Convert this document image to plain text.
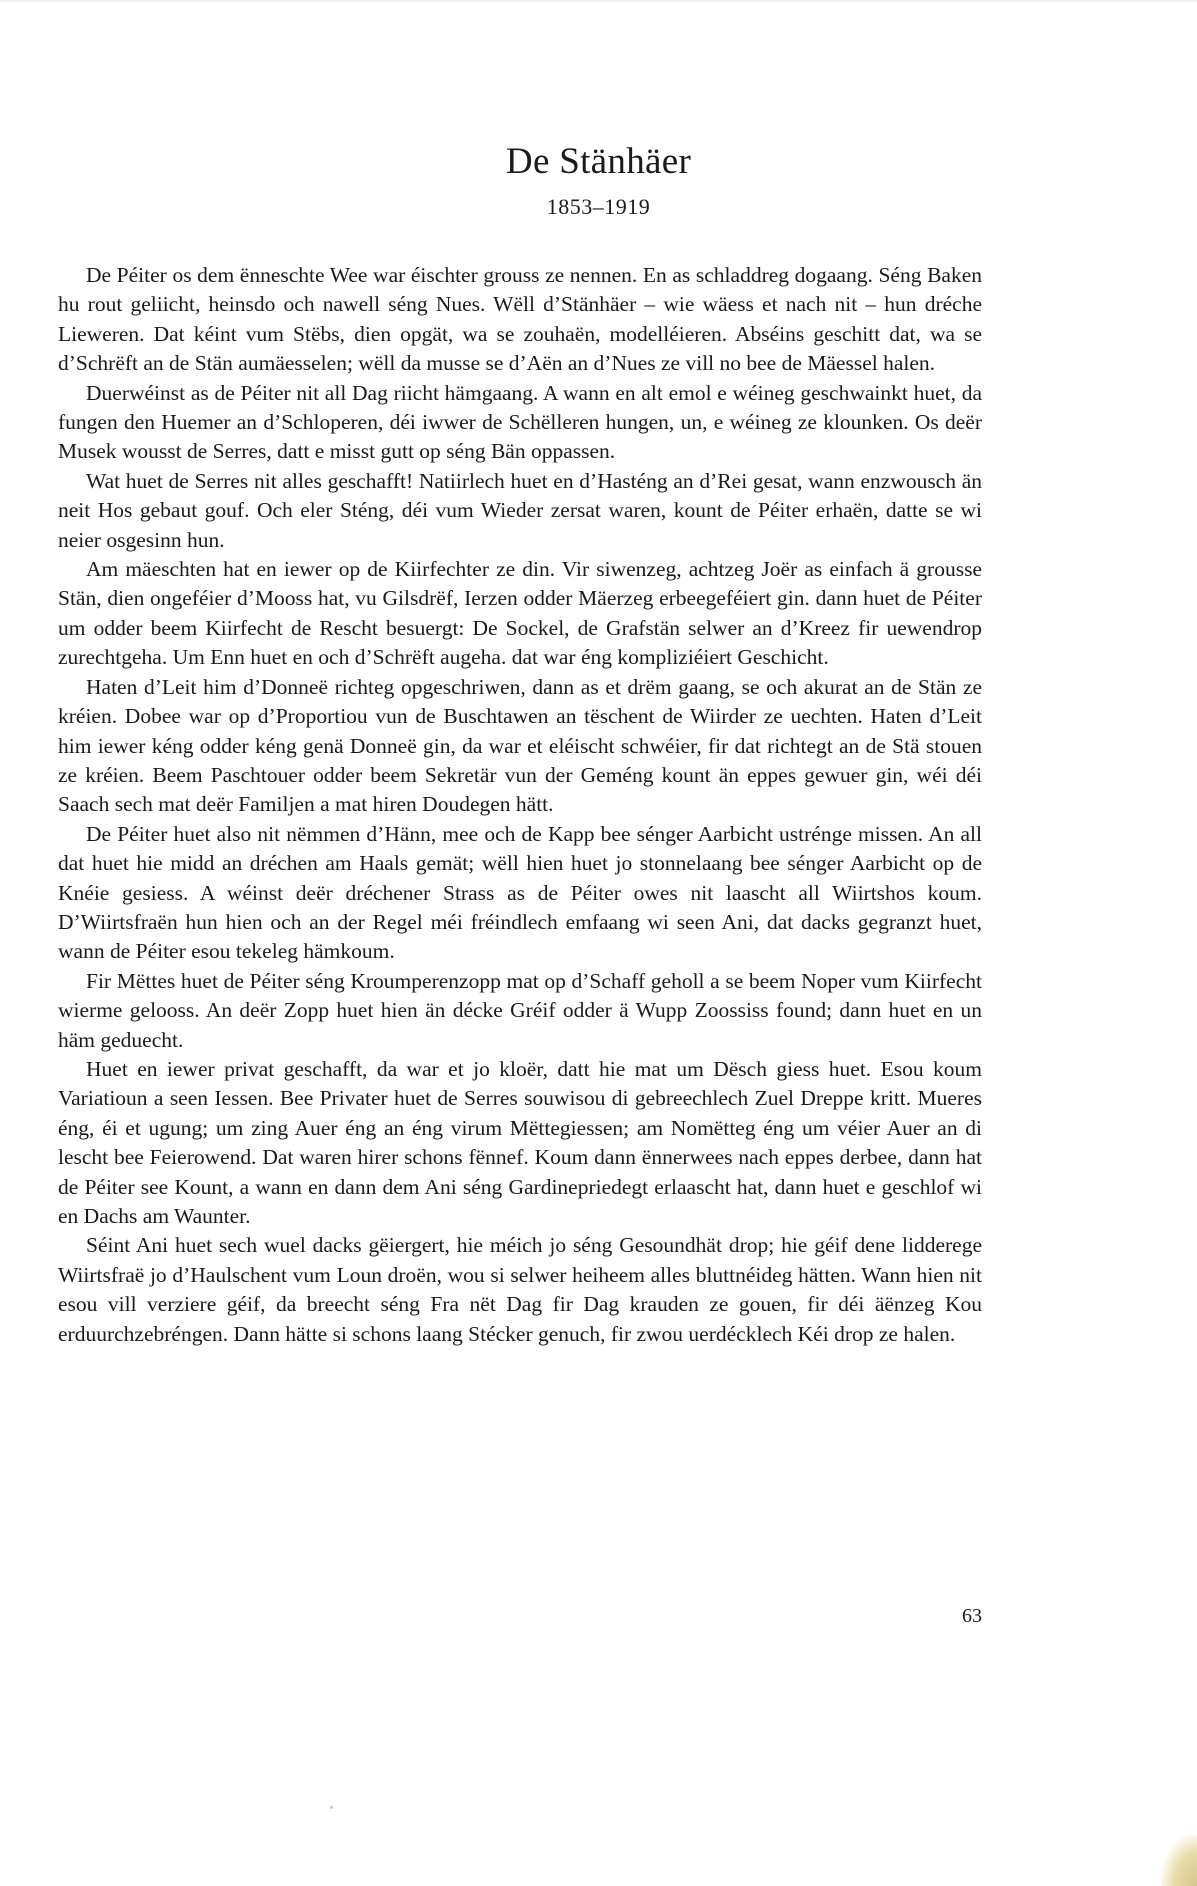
De Stänhäer
1853–1919

De Péiter os dem ënneschte Wee war éischter grouss ze nennen. En as schladdreg dogaang. Séng Baken hu rout geliicht, heinsdo och nawell séng Nues. Wëll d’Stänhäer – wie wäess et nach nit – hun dréche Lieweren. Dat kéint vum Stëbs, dien opgät, wa se zouhaën, modelléieren. Abséins geschitt dat, wa se d’Schrëft an de Stän aumäesselen; wëll da musse se d’Aën an d’Nues ze vill no bee de Mäessel halen.

Duerwéinst as de Péiter nit all Dag riicht hämgaang. A wann en alt emol e wéineg geschwainkt huet, da fungen den Huemer an d’Schloperen, déi iwwer de Schëlleren hungen, un, e wéineg ze klounken. Os deër Musek wousst de Serres, datt e misst gutt op séng Bän oppassen.

Wat huet de Serres nit alles geschafft! Natiirlech huet en d’Hasténg an d’Rei gesat, wann enzwousch än neit Hos gebaut gouf. Och eler Sténg, déi vum Wieder zersat waren, kount de Péiter erhaën, datte se wi neier osgesinn hun.

Am mäeschten hat en iewer op de Kiirfechter ze din. Vir siwenzeg, achtzeg Joër as einfach ä grousse Stän, dien ongeféier d’Mooss hat, vu Gilsdrëf, Ierzen odder Mäerzeg erbeegeféiert gin. dann huet de Péiter um odder beem Kiirfecht de Rescht besuergt: De Sockel, de Grafstän selwer an d’Kreez fir uewendrop zurechtgeha. Um Enn huet en och d’Schrëft augeha. dat war éng kompliziéiert Geschicht.

Haten d’Leit him d’Donneë richteg opgeschriwen, dann as et drëm gaang, se och akurat an de Stän ze kréien. Dobee war op d’Proportiou vun de Buschtawen an tëschent de Wiirder ze uechten. Haten d’Leit him iewer kéng odder kéng genä Donneë gin, da war et eléischt schwéier, fir dat richtegt an de Stä stouen ze kréien. Beem Paschtouer odder beem Sekretär vun der Geméng kount än eppes gewuer gin, wéi déi Saach sech mat deër Familjen a mat hiren Doudegen hätt.

De Péiter huet also nit nëmmen d’Hänn, mee och de Kapp bee sénger Aarbicht ustrénge missen. An all dat huet hie midd an dréchen am Haals gemät; wëll hien huet jo stonnelaang bee sénger Aarbicht op de Knéie gesiess. A wéinst deër dréchener Strass as de Péiter owes nit laascht all Wiirtshos koum. D’Wiirtsfraën hun hien och an der Regel méi fréindlech emfaang wi seen Ani, dat dacks gegranzt huet, wann de Péiter esou tekeleg hämkoum.

Fir Mëttes huet de Péiter séng Kroumperenzopp mat op d’Schaff geholl a se beem Noper vum Kiirfecht wierme gelooss. An deër Zopp huet hien än décke Gréif odder ä Wupp Zoossiss found; dann huet en un häm geduecht.

Huet en iewer privat geschafft, da war et jo kloër, datt hie mat um Dësch giess huet. Esou koum Variatioun a seen Iessen. Bee Privater huet de Serres souwisou di gebreechlech Zuel Dreppe kritt. Mueres éng, éi et ugung; um zing Auer éng an éng virum Mëttegiessen; am Nomëtteg éng um véier Auer an di lescht bee Feierowend. Dat waren hirer schons fënnef. Koum dann ënnerwees nach eppes derbee, dann hat de Péiter see Kount, a wann en dann dem Ani séng Gardinepriedegt erlaascht hat, dann huet e geschlof wi en Dachs am Waunter.

Séint Ani huet sech wuel dacks gëiergert, hie méich jo séng Gesoundhät drop; hie géif dene lidderege Wiirtsfraë jo d’Haulschent vum Loun droën, wou si selwer heiheem alles bluttnéideg hätten. Wann hien nit esou vill verziere géif, da breecht séng Fra nët Dag fir Dag krauden ze gouen, fir déi äënzeg Kou erduurchzebréngen. Dann hätte si schons laang Stécker genuch, fir zwou uerdécklech Kéi drop ze halen.

63
